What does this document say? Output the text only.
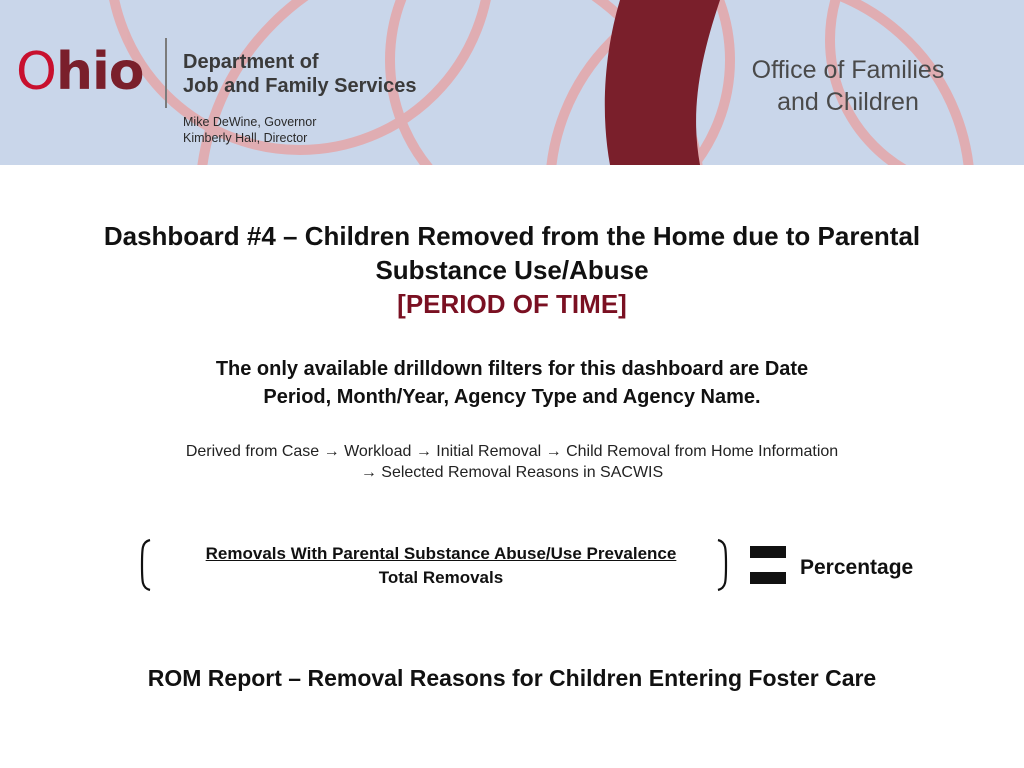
Ohio Department of
Job and Family Services
Mike DeWine, Governor
Kimberly Hall, Director
Office of Families
and Children
Dashboard #4 – Children Removed from the Home due to Parental
Substance Use/Abuse
[PERIOD OF TIME]
The only available drilldown filters for this dashboard are Date
Period, Month/Year, Agency Type and Agency Name.
Derived from Case → Workload → Initial Removal → Child Removal from Home Information
→ Selected Removal Reasons in SACWIS
Removals With Parental Substance Abuse/Use Prevalence
Total Removals	Percentage
ROM Report – Removal Reasons for Children Entering Foster Care
